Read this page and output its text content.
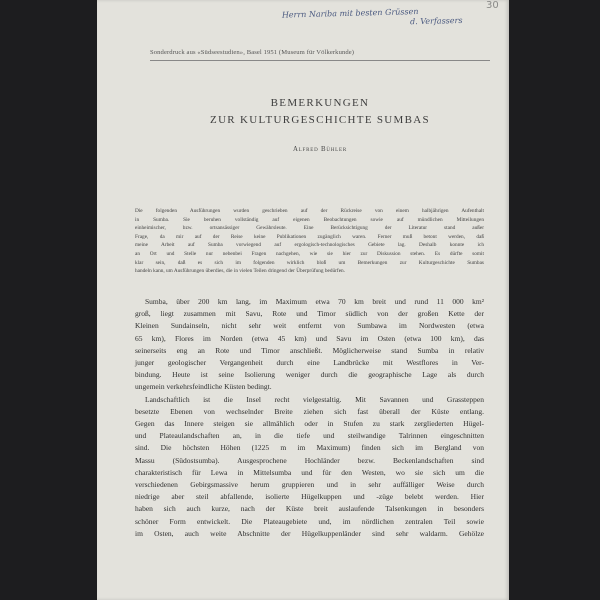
30
Herrn Nariba mit besten Grüssen
d. Verfassers
Sonderdruck aus «Südseestudien», Basel 1951 (Museum für Völkerkunde)
BEMERKUNGEN
ZUR KULTURGESCHICHTE SUMBAS
Alfred Bühler
Die folgenden Ausführungen wurden geschrieben auf der Rückreise von einem halbjährigen Aufenthalt
in Sumba. Sie beruhen vollständig auf eigenen Beobachtungen sowie auf mündlichen Mitteilungen
einheimischer, bzw. ortsansässiger Gewährsleute. Eine Berücksichtigung der Literatur stand außer
Frage, da mir auf der Reise keine Publikationen zugänglich waren. Ferner muß betont werden, daß
meine Arbeit auf Sumba vorwiegend auf ergologisch-technologisches Gebiete lag. Deshalb konnte ich
an Ort und Stelle nur nebenbei Fragen nachgehen, wie sie hier zur Diskussion stehen. Es dürfte somit
klar sein, daß es sich im folgenden wirklich bloß um Bemerkungen zur Kulturgeschichte Sumbas
handeln kann, um Ausführungen überdies, die in vielen Teilen dringend der Überprüfung bedürfen.
Sumba, über 200 km lang, im Maximum etwa 70 km breit und rund 11 000 km²
groß, liegt zusammen mit Savu, Rote und Timor südlich von der großen Kette der
Kleinen Sundainseln, nicht sehr weit entfernt von Sumbawa im Nordwesten (etwa
65 km), Flores im Norden (etwa 45 km) und Savu im Osten (etwa 100 km), das
seinerseits eng an Rote und Timor anschließt. Möglicherweise stand Sumba in relativ
junger geologischer Vergangenheit durch eine Landbrücke mit Westflores in Ver-
bindung. Heute ist seine Isolierung weniger durch die geographische Lage als durch
ungemein verkehrsfeindliche Küsten bedingt.
Landschaftlich ist die Insel recht vielgestaltig. Mit Savannen und Grassteppen
besetzte Ebenen von wechselnder Breite ziehen sich fast überall der Küste entlang.
Gegen das Innere steigen sie allmählich oder in Stufen zu stark zergliederten Hügel-
und Plateaulandschaften an, in die tiefe und steilwandige Talrinnen eingeschnitten
sind. Die höchsten Höhen (1225 m im Maximum) finden sich im Bergland von
Massu (Südostsumba). Ausgesprochene Hochländer bezw. Beckenlandschaften sind
charakteristisch für Lewa in Mittelsumba und für den Westen, wo sie sich um die
verschiedenen Gebirgsmassive herum gruppieren und in sehr auffälliger Weise durch
niedrige aber steil abfallende, isolierte Hügelkuppen und -züge belebt werden. Hier
haben sich auch kurze, nach der Küste breit auslaufende Talsenkungen in besonders
schöner Form entwickelt. Die Plateaugebiete und, im nördlichen zentralen Teil sowie
im Osten, auch weite Abschnitte der Hügelkuppenländer sind sehr waldarm. Gehölze
